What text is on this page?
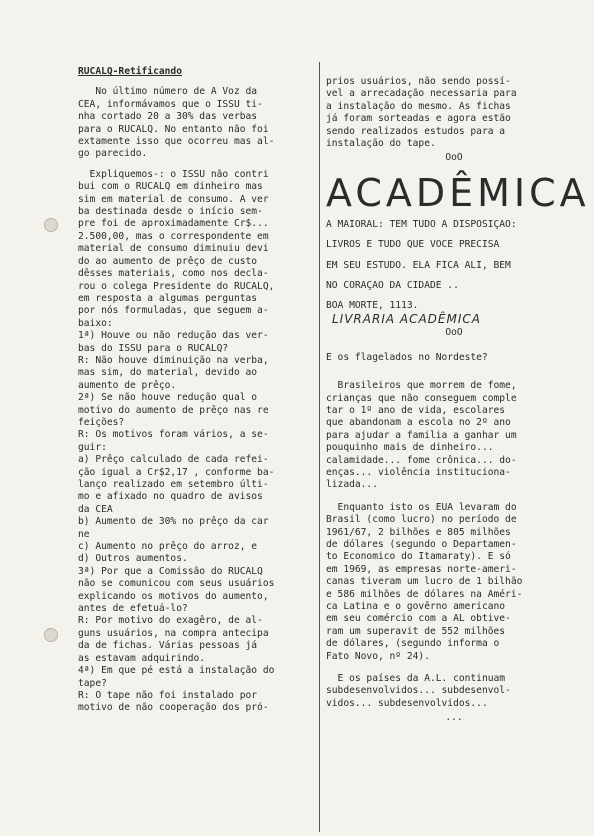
RUCALQ-Retificando
No último número de A Voz da
CEA, informávamos que o ISSU ti-
nha cortado 20 a 30% das verbas
para o RUCALQ. No entanto não foi
extamente isso que ocorreu mas al-
go parecido.
Expliquemos-: o ISSU não contri
bui com o RUCALQ em dinheiro mas
sim em material de consumo. A ver
ba destinada desde o início sem-
pre foi de aproximadamente Cr$...
2.500,00, mas o correspondente em
material de consumo diminuiu devi
do ao aumento de prêço de custo
dêsses materiais, como nos decla-
rou o colega Presidente do RUCALQ,
em resposta a algumas perguntas
por nós formuladas, que seguem a-
baixo:
1ª) Houve ou não redução das ver-
bas do ISSU para o RUCALQ?
R: Não houve diminuição na verba,
mas sim, do material, devido ao
aumento de prêço.
2ª) Se não houve redução qual o
motivo do aumento de prêço nas re
feições?
R: Os motivos foram vários, a se-
guir:
a) Prêço calculado de cada refei-
ção igual a Cr$2,17 , conforme ba-
lanço realizado em setembro últi-
mo e afixado no quadro de avisos
da CEA
b) Aumento de 30% no prêço da car
ne
c) Aumento no prêço do arroz, e
d) Outros aumentos.
3ª) Por que a Comissão do RUCALQ
não se comunicou com seus usuários
explicando os motivos do aumento,
antes de efetuá-lo?
R: Por motivo do exagêro, de al-
guns usuários, na compra antecipa
da de fichas. Várias pessoas já
as estavam adquirindo.
4ª) Em que pé está a instalação do
tape?
R: O tape não foi instalado por
motivo de não cooperação dos pró-
prios usuários, não sendo possí-
vel a arrecadação necessaria para
a instalação do mesmo. As fichas
já foram sorteadas e agora estão
sendo realizados estudos para a
instalação do tape.
OoO
ACADÊMICA
A MAIORAL: TEM TUDO A DISPOSIÇÃO:
LIVROS E TUDO QUE VOCE PRECISA
EM SEU ESTUDO. ELA FICA ALI, BEM
NO CORAÇÃO DA CIDADE ..
BOA MORTE, 1113.
LIVRARIA ACADÊMICA
OoO

E os flagelados no Nordeste?

Brasileiros que morrem de fome,
crianças que não conseguem comple
tar o 1º ano de vida, escolares
que abandonam a escola no 2º ano
para ajudar a familia a ganhar um
pouquinho mais de dinheiro...
calamidade... fome crônica... do-
enças... violência instituciona-
lizada...
Enquanto isto os EUA levaram do
Brasil (como lucro) no período de
1961/67, 2 bilhões e 805 milhões
de dólares (segundo o Departamen-
to Economico do Itamaraty). E só
em 1969, as empresas norte-ameri-
canas tiveram um lucro de 1 bilhão
e 586 milhões de dólares na Améri-
ca Latina e o govêrno americano
em seu comércio com a AL obtive-
ram um superavit de 552 milhões
de dólares, (segundo informa o
Fato Novo, nº 24).
E os países da A.L. continuam
subdesenvolvidos... subdesenvol-
vidos... subdesenvolvidos...
...
